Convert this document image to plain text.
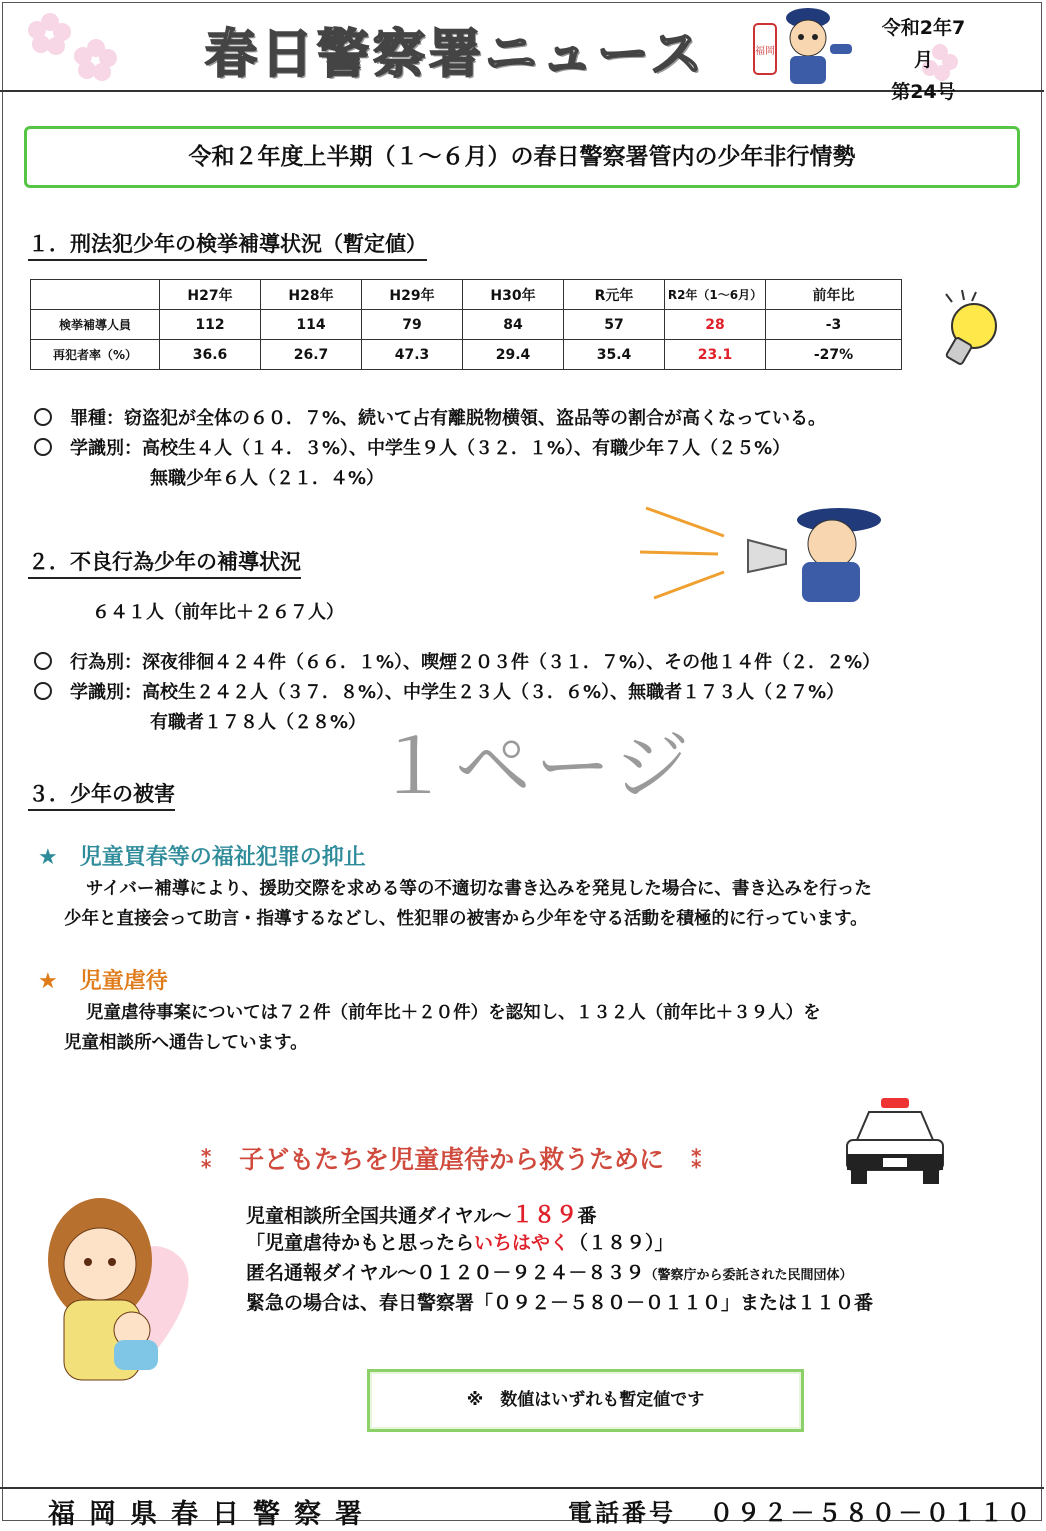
春日警察署ニュース	福岡
令和2年7月
第24号
令和２年度上半期（１～６月）の春日警察署管内の少年非行情勢
１．刑法犯少年の検挙補導状況（暫定値）
	H27年	H28年	H29年	H30年	R元年	R2年（1～6月）	前年比
検挙補導人員	112	114	79	84	57	28	-3
再犯者率（%）	36.6	26.7	47.3	29.4	35.4	23.1	-27%
罪種：窃盗犯が全体の６０．７%、続いて占有離脱物横領、盗品等の割合が高くなっている。
学識別：高校生４人（１４．３%）、中学生９人（３２．１%）、有職少年７人（２５%）
無職少年６人（２１．４%）
２．不良行為少年の補導状況
６４１人（前年比＋２６７人）
行為別：深夜徘徊４２４件（６６．１%）、喫煙２０３件（３１．７%）、その他１４件（２．２%）
学識別：高校生２４２人（３７．８%）、中学生２３人（３．６%）、無職者１７３人（２７%）
有職者１７８人（２８%） １ページ
３．少年の被害
★ 児童買春等の福祉犯罪の抑止
サイバー補導により、援助交際を求める等の不適切な書き込みを発見した場合に、書き込みを行った
少年と直接会って助言・指導するなどし、性犯罪の被害から少年を守る活動を積極的に行っています。
★ 児童虐待
児童虐待事案については７２件（前年比＋２０件）を認知し、１３２人（前年比＋３９人）を
児童相談所へ通告しています。
⁑ 子どもたちを児童虐待から救うために ⁑
児童相談所全国共通ダイヤル～１８９番
「児童虐待かもと思ったらいちはやく（１８９）」
匿名通報ダイヤル～０１２０－９２４－８３９（警察庁から委託された民間団体）
緊急の場合は、春日警察署「０９２－５８０－０１１０」または１１０番
※　数値はいずれも暫定値です
福岡県春日警察署	電話番号 ０９２－５８０－０１１０
